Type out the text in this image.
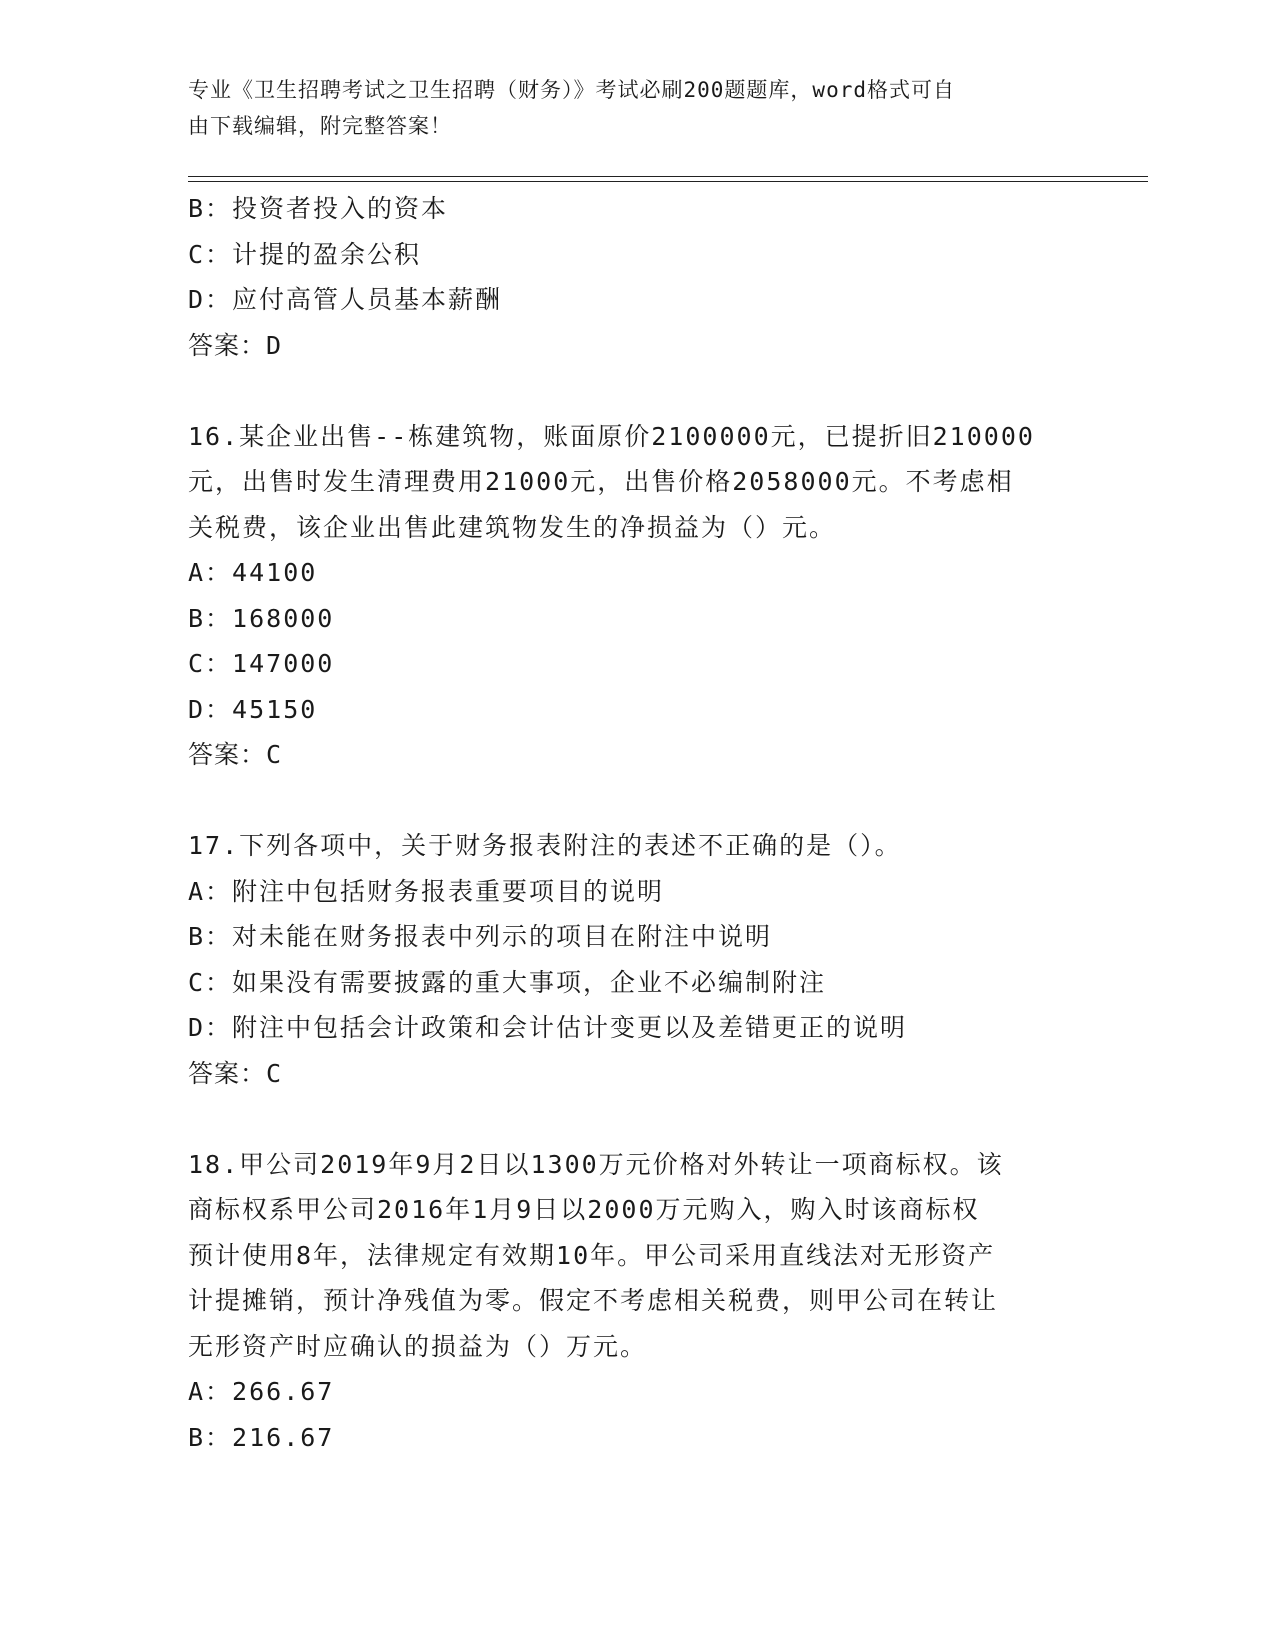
专业《卫生招聘考试之卫生招聘（财务）》考试必刷200题题库，word格式可自
由下载编辑，附完整答案！
B：投资者投入的资本
C：计提的盈余公积
D：应付高管人员基本薪酬
答案：D
16.某企业出售--栋建筑物，账面原价2100000元，已提折旧210000
元，出售时发生清理费用21000元，出售价格2058000元。不考虑相
关税费，该企业出售此建筑物发生的净损益为（）元。
A：44100
B：168000
C：147000
D：45150
答案：C
17.下列各项中，关于财务报表附注的表述不正确的是（）。
A：附注中包括财务报表重要项目的说明
B：对未能在财务报表中列示的项目在附注中说明
C：如果没有需要披露的重大事项，企业不必编制附注
D：附注中包括会计政策和会计估计变更以及差错更正的说明
答案：C
18.甲公司2019年9月2日以1300万元价格对外转让一项商标权。该
商标权系甲公司2016年1月9日以2000万元购入，购入时该商标权
预计使用8年，法律规定有效期10年。甲公司采用直线法对无形资产
计提摊销，预计净残值为零。假定不考虑相关税费，则甲公司在转让
无形资产时应确认的损益为（）万元。
A：266.67
B：216.67
